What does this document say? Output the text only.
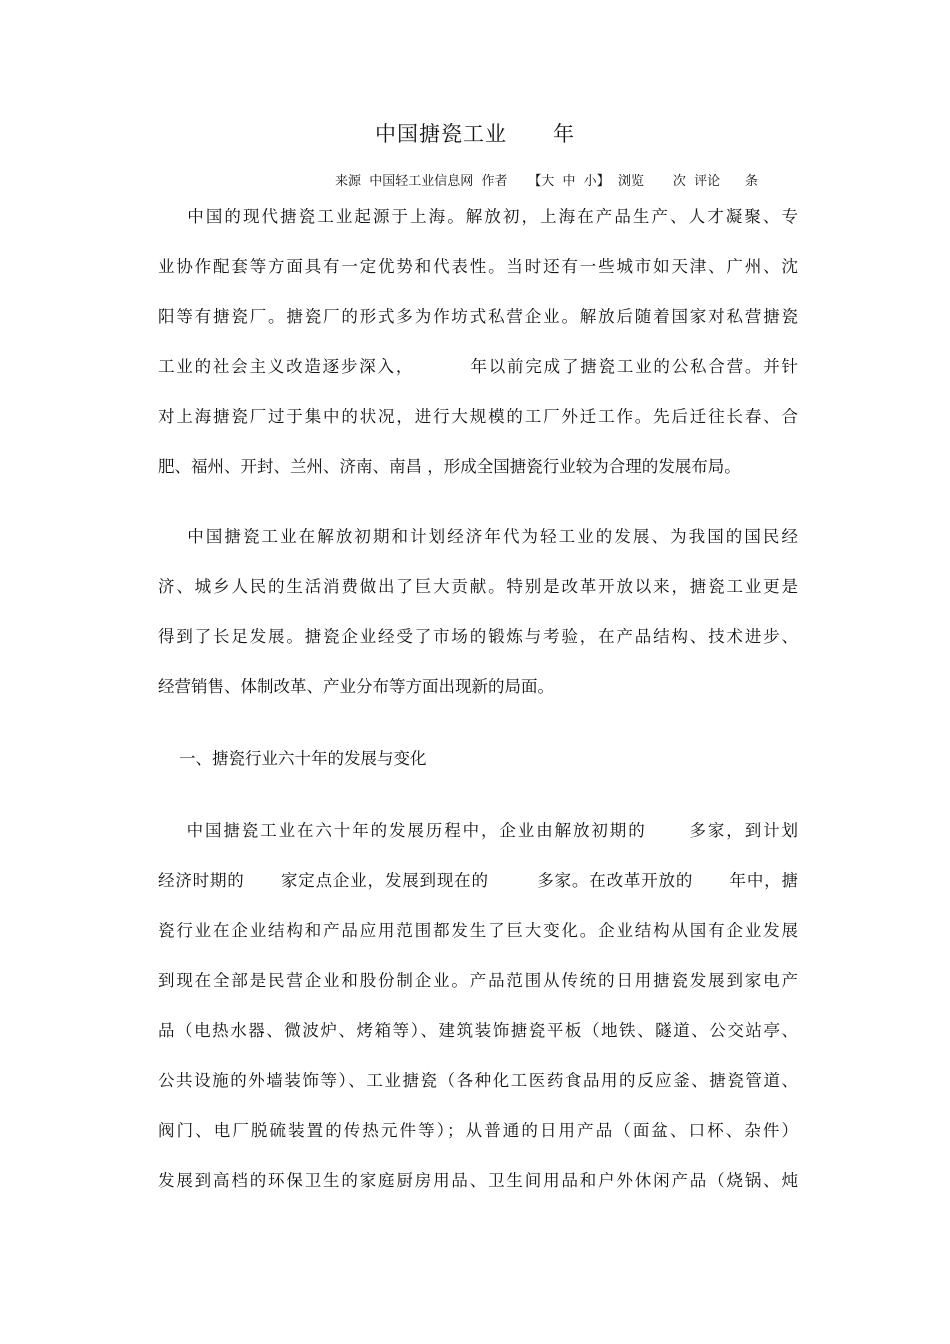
中国搪瓷工业      年
来源  中国轻工业信息网  作者     【大  中  小】  浏览       次  评论      条
中国的现代搪瓷工业起源于上海。解放初，上海在产品生产、人才凝聚、专
业协作配套等方面具有一定优势和代表性。当时还有一些城市如天津、广州、沈
阳等有搪瓷厂。搪瓷厂的形式多为作坊式私营企业。解放后随着国家对私营搪瓷
工业的社会主义改造逐步深入，        年以前完成了搪瓷工业的公私合营。并针
对上海搪瓷厂过于集中的状况，进行大规模的工厂外迁工作。先后迁往长春、合
肥、福州、开封、兰州、济南、南昌 ，形成全国搪瓷行业较为合理的发展布局。
中国搪瓷工业在解放初期和计划经济年代为轻工业的发展、为我国的国民经
济、城乡人民的生活消费做出了巨大贡献。特别是改革开放以来，搪瓷工业更是
得到了长足发展。搪瓷企业经受了市场的锻炼与考验，在产品结构、技术进步、
经营销售、体制改革、产业分布等方面出现新的局面。
一、搪瓷行业六十年的发展与变化
中国搪瓷工业在六十年的发展历程中，企业由解放初期的      多家，到计划
经济时期的      家定点企业，发展到现在的        多家。在改革开放的      年中，搪
瓷行业在企业结构和产品应用范围都发生了巨大变化。企业结构从国有企业发展
到现在全部是民营企业和股份制企业。产品范围从传统的日用搪瓷发展到家电产
品（电热水器、微波炉、烤箱等）、建筑装饰搪瓷平板（地铁、隧道、公交站亭、
公共设施的外墙装饰等）、工业搪瓷（各种化工医药食品用的反应釜、搪瓷管道、
阀门、电厂脱硫装置的传热元件等）；从普通的日用产品（面盆、口杯、杂件）
发展到高档的环保卫生的家庭厨房用品、卫生间用品和户外休闲产品（烧锅、炖
